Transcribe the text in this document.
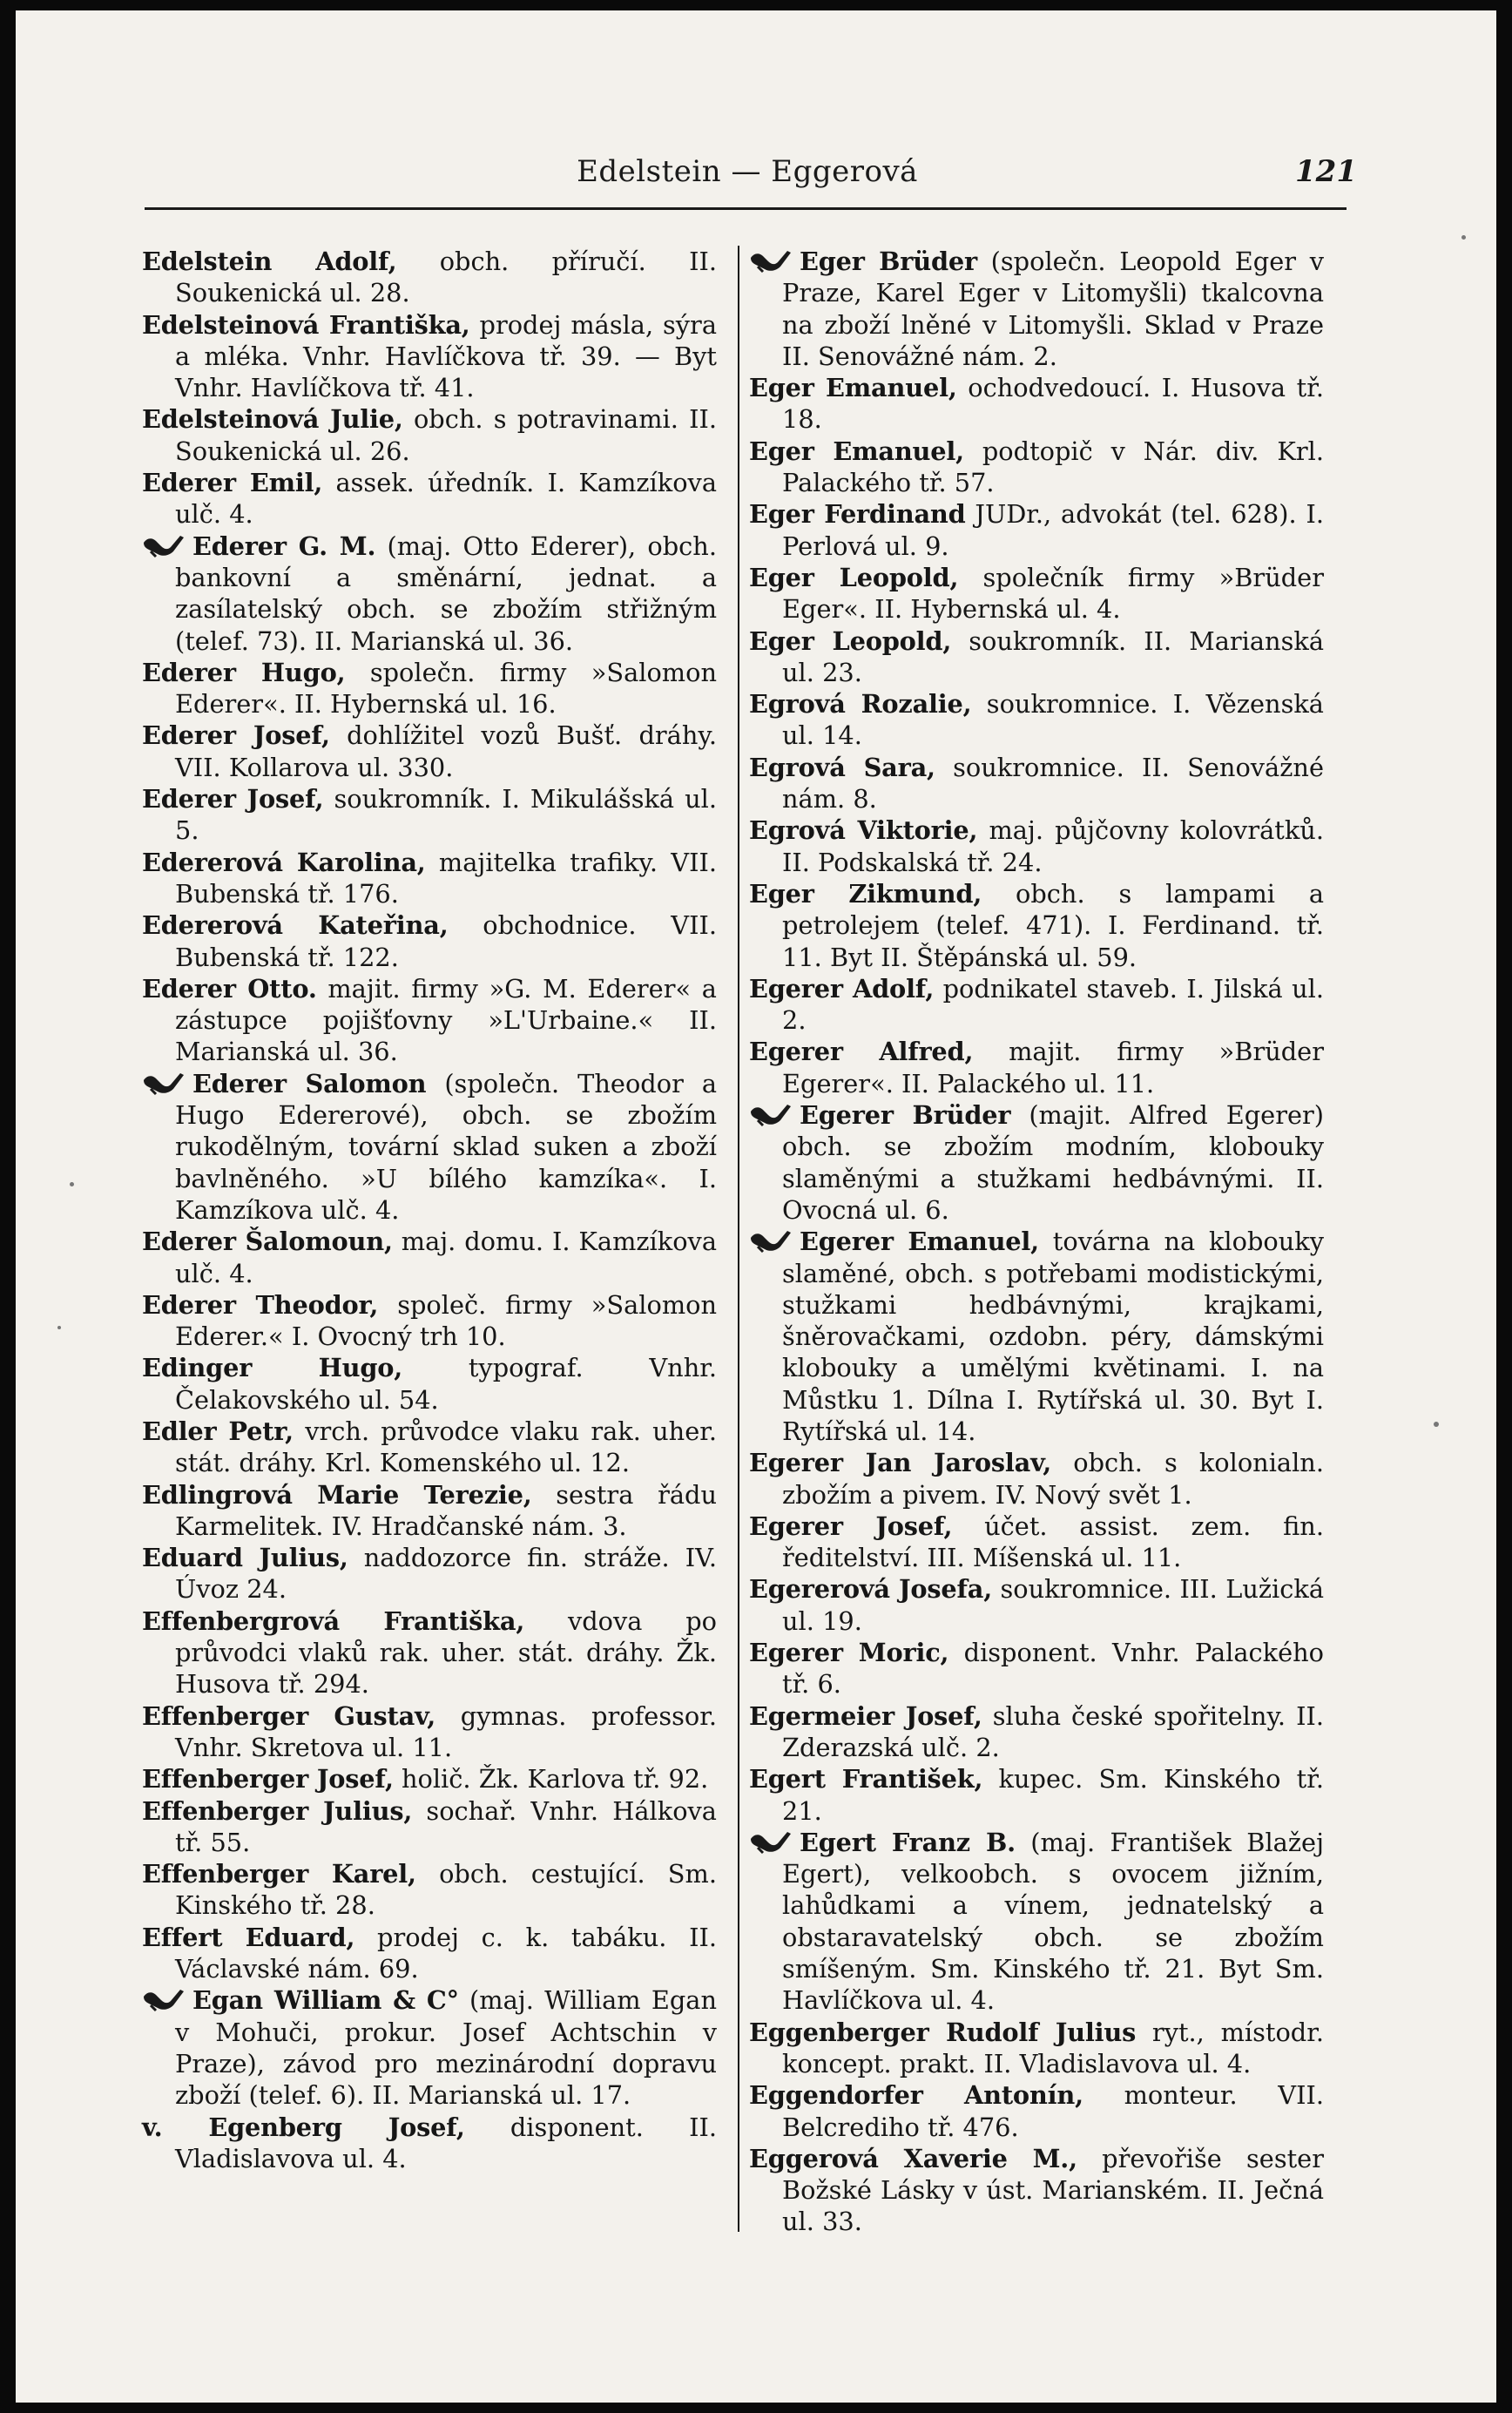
Edelstein — Eggerová	121

Edelstein Adolf, obch. příručí. II. Soukenická ul. 28.

Edelsteinová Františka, prodej másla, sýra a mléka. Vnhr. Havlíčkova tř. 39. — Byt Vnhr. Havlíčkova tř. 41.

Edelsteinová Julie, obch. s potravinami. II. Soukenická ul. 26.

Ederer Emil, assek. úředník. I. Kamzíkova ulč. 4.

Ederer G. M. (maj. Otto Ederer), obch. bankovní a směnární, jednat. a zasílatelský obch. se zbožím střižným (telef. 73). II. Marianská ul. 36.

Ederer Hugo, společn. firmy »Salomon Ederer«. II. Hybernská ul. 16.

Ederer Josef, dohlížitel vozů Bušť. dráhy. VII. Kollarova ul. 330.

Ederer Josef, soukromník. I. Mikulášská ul. 5.

Edererová Karolina, majitelka trafiky. VII. Bubenská tř. 176.

Edererová Kateřina, obchodnice. VII. Bubenská tř. 122.

Ederer Otto. majit. firmy »G. M. Ederer« a zástupce pojišťovny »L'Urbaine.« II. Marianská ul. 36.

Ederer Salomon (společn. Theodor a Hugo Edererové), obch. se zbožím rukodělným, tovární sklad suken a zboží bavlněného. »U bílého kamzíka«. I. Kamzíkova ulč. 4.

Ederer Šalomoun, maj. domu. I. Kamzíkova ulč. 4.

Ederer Theodor, společ. firmy »Salomon Ederer.« I. Ovocný trh 10.

Edinger Hugo, typograf. Vnhr. Čelakovského ul. 54.

Edler Petr, vrch. průvodce vlaku rak. uher. stát. dráhy. Krl. Komenského ul. 12.

Edlingrová Marie Terezie, sestra řádu Karmelitek. IV. Hradčanské nám. 3.

Eduard Julius, naddozorce fin. stráže. IV. Úvoz 24.

Effenbergrová Františka, vdova po průvodci vlaků rak. uher. stát. dráhy. Žk. Husova tř. 294.

Effenberger Gustav, gymnas. professor. Vnhr. Skretova ul. 11.

Effenberger Josef, holič. Žk. Karlova tř. 92.

Effenberger Julius, sochař. Vnhr. Hálkova tř. 55.

Effenberger Karel, obch. cestující. Sm. Kinského tř. 28.

Effert Eduard, prodej c. k. tabáku. II. Václavské nám. 69.

Egan William & C° (maj. William Egan v Mohuči, prokur. Josef Achtschin v Praze), závod pro mezinárodní dopravu zboží (telef. 6). II. Marianská ul. 17.

v. Egenberg Josef, disponent. II. Vladislavova ul. 4.

Eger Brüder (společn. Leopold Eger v Praze, Karel Eger v Litomyšli) tkalcovna na zboží lněné v Litomyšli. Sklad v Praze II. Senovážné nám. 2.

Eger Emanuel, ochodvedoucí. I. Husova tř. 18.

Eger Emanuel, podtopič v Nár. div. Krl. Palackého tř. 57.

Eger Ferdinand JUDr., advokát (tel. 628). I. Perlová ul. 9.

Eger Leopold, společník firmy »Brüder Eger«. II. Hybernská ul. 4.

Eger Leopold, soukromník. II. Marianská ul. 23.

Egrová Rozalie, soukromnice. I. Vězenská ul. 14.

Egrová Sara, soukromnice. II. Senovážné nám. 8.

Egrová Viktorie, maj. půjčovny kolovrátků. II. Podskalská tř. 24.

Eger Zikmund, obch. s lampami a petrolejem (telef. 471). I. Ferdinand. tř. 11. Byt II. Štěpánská ul. 59.

Egerer Adolf, podnikatel staveb. I. Jilská ul. 2.

Egerer Alfred, majit. firmy »Brüder Egerer«. II. Palackého ul. 11.

Egerer Brüder (majit. Alfred Egerer) obch. se zbožím modním, klobouky slaměnými a stužkami hedbávnými. II. Ovocná ul. 6.

Egerer Emanuel, továrna na klobouky slaměné, obch. s potřebami modistickými, stužkami hedbávnými, krajkami, šněrovačkami, ozdobn. péry, dámskými klobouky a umělými květinami. I. na Můstku 1. Dílna I. Rytířská ul. 30. Byt I. Rytířská ul. 14.

Egerer Jan Jaroslav, obch. s kolonialn. zbožím a pivem. IV. Nový svět 1.

Egerer Josef, účet. assist. zem. fin. ředitelství. III. Míšenská ul. 11.

Egererová Josefa, soukromnice. III. Lužická ul. 19.

Egerer Moric, disponent. Vnhr. Palackého tř. 6.

Egermeier Josef, sluha české spořitelny. II. Zderazská ulč. 2.

Egert František, kupec. Sm. Kinského tř. 21.

Egert Franz B. (maj. František Blažej Egert), velkoobch. s ovocem jižním, lahůdkami a vínem, jednatelský a obstaravatelský obch. se zbožím smíšeným. Sm. Kinského tř. 21. Byt Sm. Havlíčkova ul. 4.

Eggenberger Rudolf Julius ryt., místodr. koncept. prakt. II. Vladislavova ul. 4.

Eggendorfer Antonín, monteur. VII. Belcrediho tř. 476.

Eggerová Xaverie M., převořiše sester Božské Lásky v úst. Marianském. II. Ječná ul. 33.
